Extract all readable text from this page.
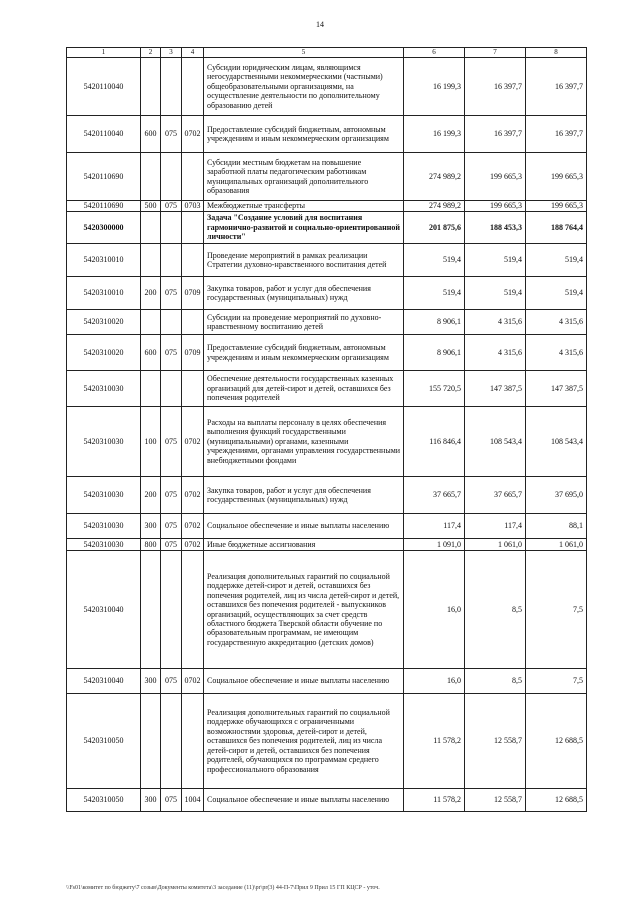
14
1	2	3	4	5	6	7	8
5420110040				Субсидии юридическим лицам, являющимся негосударственными некоммерческими (частными) общеобразовательными организациями, на осуществление деятельности по дополнительному образованию детей	16 199,3	16 397,7	16 397,7
5420110040	600	075	0702	Предоставление субсидий бюджетным, автономным учреждениям и иным некоммерческим организациям	16 199,3	16 397,7	16 397,7
5420110690				Субсидии местным бюджетам на повышение заработной платы педагогическим работникам муниципальных организаций дополнительного образования	274 989,2	199 665,3	199 665,3
5420110690	500	075	0703	Межбюджетные трансферты	274 989,2	199 665,3	199 665,3
5420300000				Задача "Создание условий для воспитания гармонично-развитой и социально-ориентированной личности"	201 875,6	188 453,3	188 764,4
5420310010				Проведение мероприятий в рамках реализации Стратегии духовно-нравственного воспитания детей	519,4	519,4	519,4
5420310010	200	075	0709	Закупка товаров, работ и услуг для обеспечения государственных (муниципальных) нужд	519,4	519,4	519,4
5420310020				Субсидии на проведение мероприятий по духовно-нравственному воспитанию детей	8 906,1	4 315,6	4 315,6
5420310020	600	075	0709	Предоставление субсидий бюджетным, автономным учреждениям и иным некоммерческим организациям	8 906,1	4 315,6	4 315,6
5420310030				Обеспечение деятельности государственных казенных организаций для детей-сирот и детей, оставшихся без попечения родителей	155 720,5	147 387,5	147 387,5
5420310030	100	075	0702	Расходы на выплаты персоналу в целях обеспечения выполнения функций государственными (муниципальными) органами, казенными учреждениями, органами управления государственными внебюджетными фондами	116 846,4	108 543,4	108 543,4
5420310030	200	075	0702	Закупка товаров, работ и услуг для обеспечения государственных (муниципальных) нужд	37 665,7	37 665,7	37 695,0
5420310030	300	075	0702	Социальное обеспечение и иные выплаты населению	117,4	117,4	88,1
5420310030	800	075	0702	Иные бюджетные ассигнования	1 091,0	1 061,0	1 061,0
5420310040				Реализация дополнительных гарантий по социальной поддержке детей-сирот и детей, оставшихся без попечения родителей, лиц из числа детей-сирот и детей, оставшихся без попечения родителей - выпускников организаций, осуществляющих за счет средств областного бюджета Тверской области обучение по образовательным программам, не имеющим государственную аккредитацию (детских домов)	16,0	8,5	7,5
5420310040	300	075	0702	Социальное обеспечение и иные выплаты населению	16,0	8,5	7,5
5420310050				Реализация дополнительных гарантий по социальной поддержке обучающихся с ограниченными возможностями здоровья, детей-сирот и детей, оставшихся без попечения родителей, лиц из числа детей-сирот и детей, оставшихся без попечения родителей, обучающихся по программам среднего профессионального образования	11 578,2	12 558,7	12 688,5
5420310050	300	075	1004	Социальное обеспечение и иные выплаты населению	11 578,2	12 558,7	12 688,5
\\Fs01\комитет по бюджету\7 созыв\Документы комитета\3 заседание (11)\pr\pr(3) 44-П-7\Прил 9 Прил 15 ГП КЦСР - уточ.
